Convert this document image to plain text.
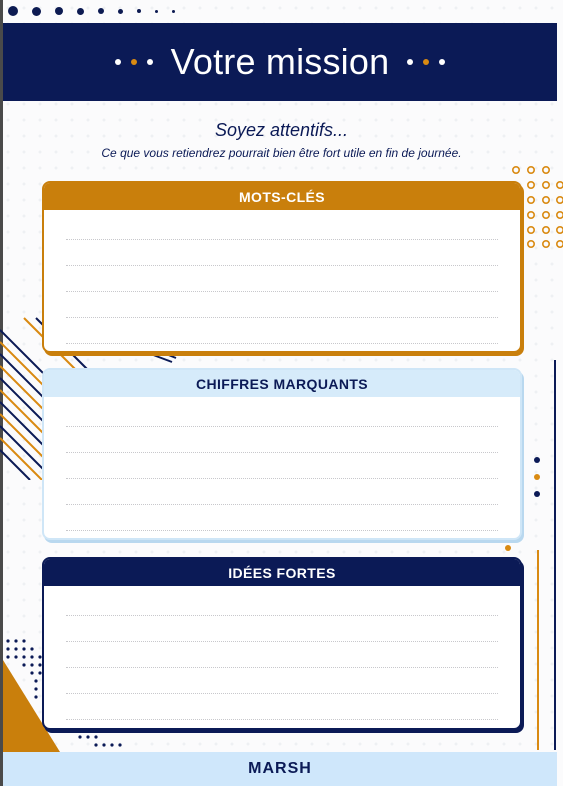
Votre mission
Soyez attentifs...
Ce que vous retiendrez pourrait bien être fort utile en fin de journée.
MOTS-CLÉS
CHIFFRES MARQUANTS
IDÉES FORTES
MARSH
